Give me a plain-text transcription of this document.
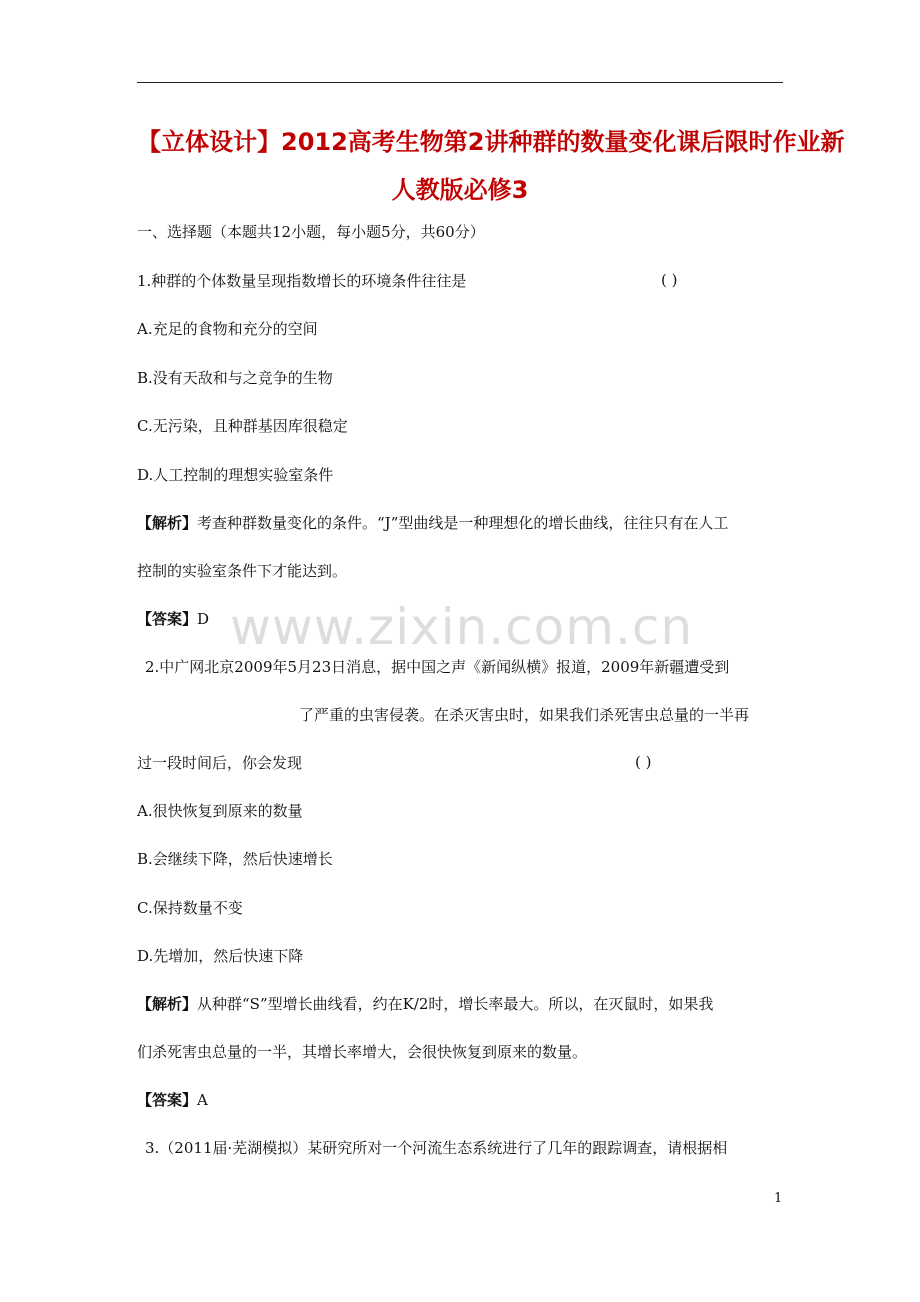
【立体设计】2012高考生物第2讲种群的数量变化课后限时作业新
人教版必修3
一、选择题（本题共12小题，每小题5分，共60分）
1.种群的个体数量呈现指数增长的环境条件往往是	( )
A.充足的食物和充分的空间
B.没有天敌和与之竞争的生物
C.无污染，且种群基因库很稳定
D.人工控制的理想实验室条件
【解析】考查种群数量变化的条件。“J”型曲线是一种理想化的增长曲线，往往只有在人工
控制的实验室条件下才能达到。
【答案】D
2.中广网北京2009年5月23日消息，据中国之声《新闻纵横》报道，2009年新疆遭受到
了严重的虫害侵袭。在杀灭害虫时，如果我们杀死害虫总量的一半再
过一段时间后，你会发现	( )
A.很快恢复到原来的数量
B.会继续下降，然后快速增长
C.保持数量不变
D.先增加，然后快速下降
【解析】从种群“S”型增长曲线看，约在K/2时，增长率最大。所以，在灭鼠时，如果我
们杀死害虫总量的一半，其增长率增大，会很快恢复到原来的数量。
【答案】A
3.（2011届·芜湖模拟）某研究所对一个河流生态系统进行了几年的跟踪调查，请根据相
www.zixin.com.cn
1
